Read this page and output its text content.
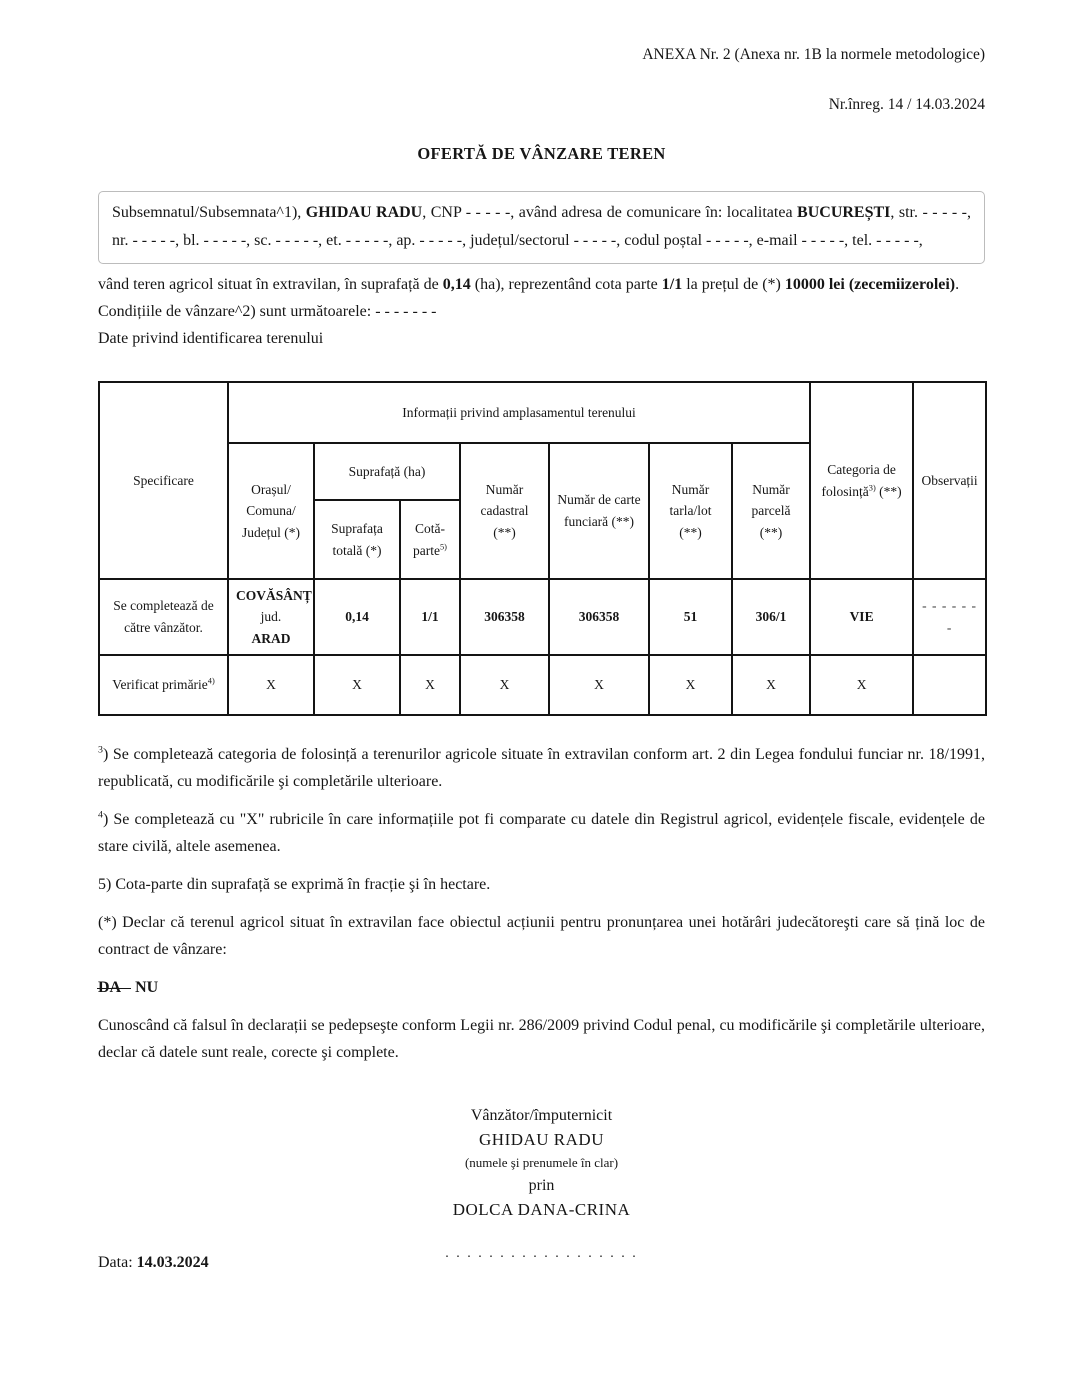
ANEXA Nr. 2 (Anexa nr. 1B la normele metodologice)
Nr.înreg. 14 / 14.03.2024
OFERTĂ DE VÂNZARE TEREN
Subsemnatul/Subsemnata^1), GHIDAU RADU, CNP - - - - -, având adresa de comunicare în: localitatea BUCUREȘTI, str. - - - - -, nr. - - - - -, bl. - - - - -, sc. - - - - -, et. - - - - -, ap. - - - - -, județul/sectorul - - - - -, codul poștal - - - - -, e-mail - - - - -, tel. - - - - -,
vând teren agricol situat în extravilan, în suprafață de 0,14 (ha), reprezentând cota parte 1/1 la prețul de (*) 10000 lei (zecemiizerolei).
Condițiile de vânzare^2) sunt următoarele: - - - - - - -
Date privind identificarea terenului
Specificare	Informații privind amplasamentul terenului							Categoria de folosință$^{3)}$ (**)	Observații

	Orașul/
Comuna/
Județul (*)	Suprafață (ha)		Număr cadastral (**)	Număr de carte funciară (**)	Număr tarla/lot (**)	Număr parcelă (**)		
		Suprafața totală (*)	Cotă-parte$^{5)}$
Se completează de către vânzător.	COVĂSÂNȚ
jud.
ARAD	0,14	1/1	306358	306358	51	306/1	VIE	- - - - - - -
Verificat primărie$^{4)}$	X	X	X	X	X	X	X	X	
$^3$) Se completează categoria de folosință a terenurilor agricole situate în extravilan conform art. 2 din Legea fondului funciar nr. 18/1991, republicată, cu modificările şi completările ulterioare.
$^4$) Se completează cu "X" rubricile în care informațiile pot fi comparate cu datele din Registrul agricol, evidențele fiscale, evidențele de stare civilă, altele asemenea.
5) Cota-parte din suprafață se exprimă în fracție şi în hectare.
(*) Declar că terenul agricol situat în extravilan face obiectul acțiunii pentru pronunțarea unei hotărâri judecătoreşti care să țină loc de contract de vânzare:
DA NU
Cunoscând că falsul în declarații se pedepseşte conform Legii nr. 286/2009 privind Codul penal, cu modificările şi completările ulterioare, declar că datele sunt reale, corecte şi complete.
Vânzător/împuternicit
GHIDAU RADU
(numele şi prenumele în clar)
prin
DOLCA DANA-CRINA
. . . . . . . . . . . . . . . . . .
Data: 14.03.2024
